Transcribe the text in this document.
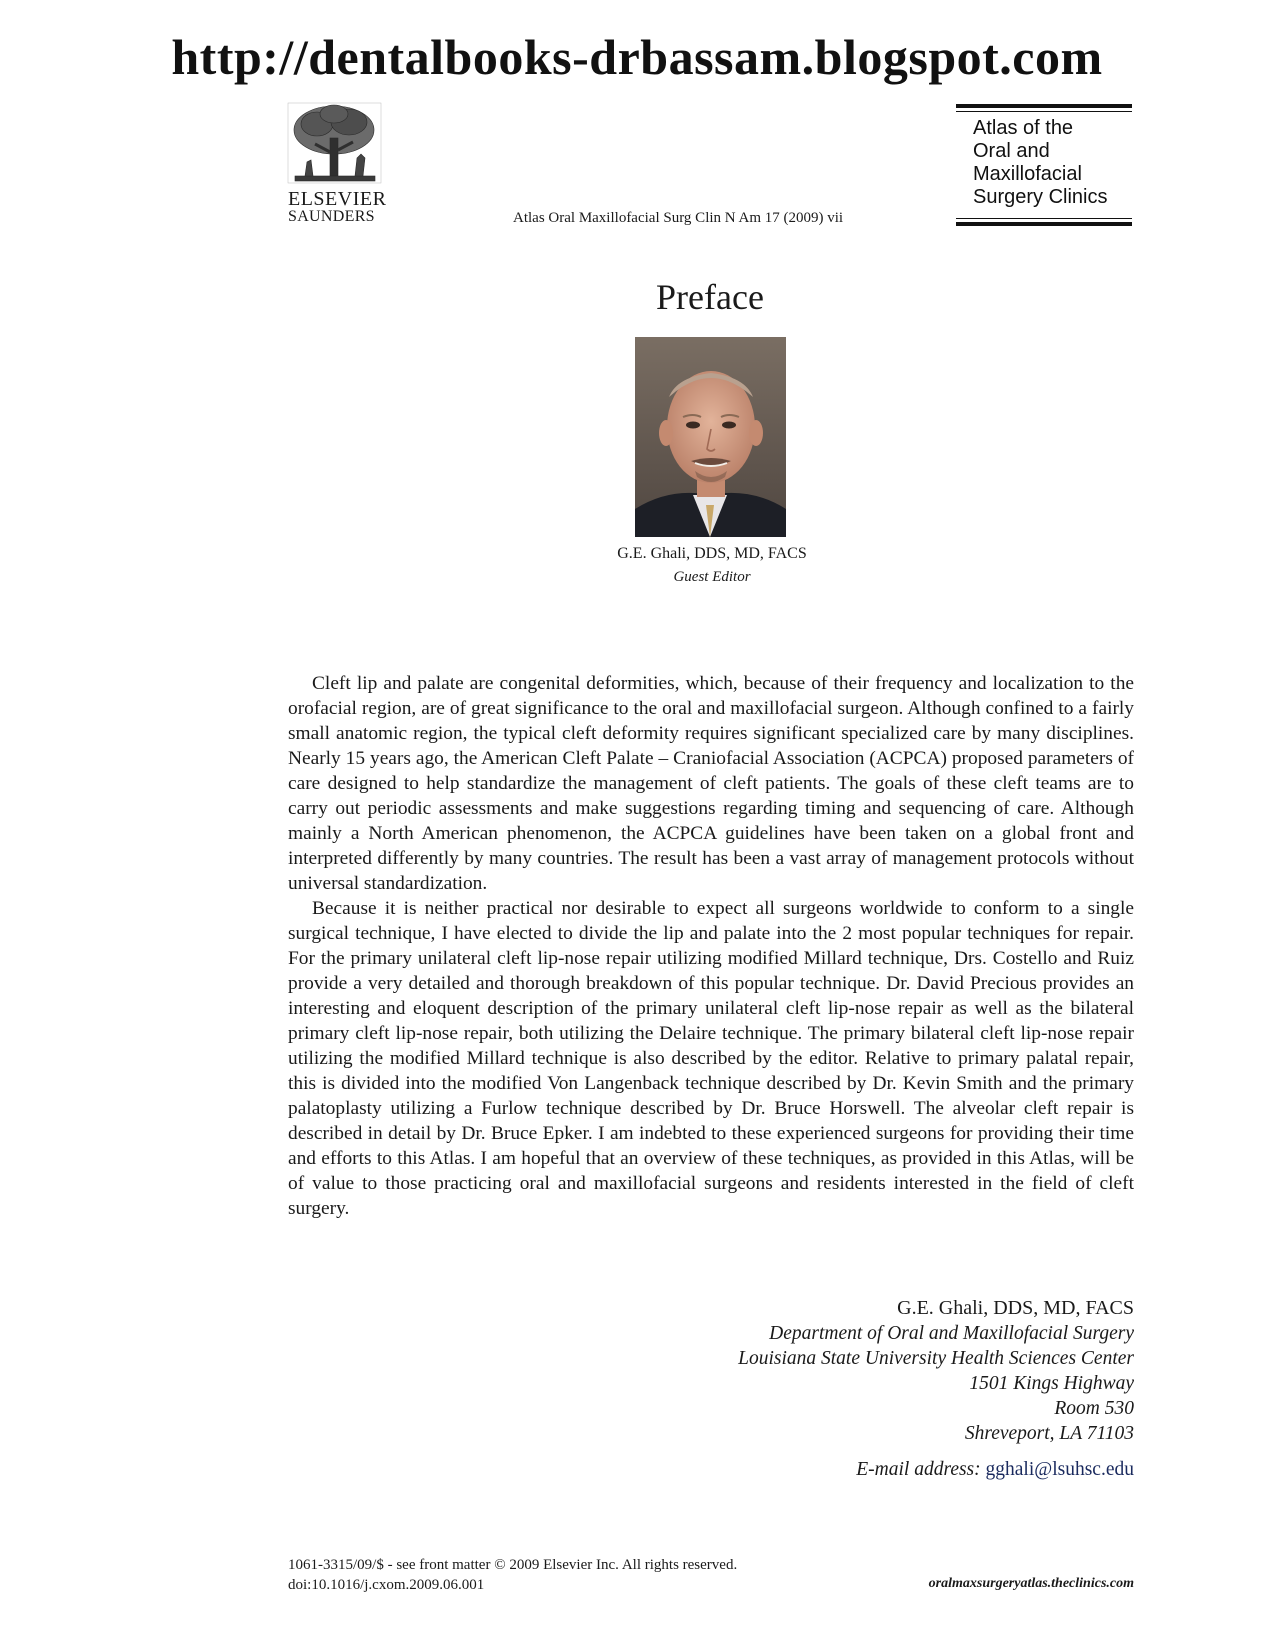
http://dentalbooks-drbassam.blogspot.com
ELSEVIER
SAUNDERS	Atlas Oral Maxillofacial Surg Clin N Am 17 (2009) vii
Atlas of the
Oral and
Maxillofacial
Surgery Clinics
Preface
G.E. Ghali, DDS, MD, FACS
Guest Editor

Cleft lip and palate are congenital deformities, which, because of their frequency and localization to the orofacial region, are of great significance to the oral and maxillofacial surgeon. Although confined to a fairly small anatomic region, the typical cleft deformity requires significant specialized care by many disciplines. Nearly 15 years ago, the American Cleft Palate – Craniofacial Association (ACPCA) proposed parameters of care designed to help standardize the management of cleft patients. The goals of these cleft teams are to carry out periodic assessments and make suggestions regarding timing and sequencing of care. Although mainly a North American phenomenon, the ACPCA guidelines have been taken on a global front and interpreted differently by many countries. The result has been a vast array of management protocols without universal standardization.

Because it is neither practical nor desirable to expect all surgeons worldwide to conform to a single surgical technique, I have elected to divide the lip and palate into the 2 most popular techniques for repair. For the primary unilateral cleft lip-nose repair utilizing modified Millard technique, Drs. Costello and Ruiz provide a very detailed and thorough breakdown of this popular technique. Dr. David Precious provides an interesting and eloquent description of the primary unilateral cleft lip-nose repair as well as the bilateral primary cleft lip-nose repair, both utilizing the Delaire technique. The primary bilateral cleft lip-nose repair utilizing the modified Millard technique is also described by the editor. Relative to primary palatal repair, this is divided into the modified Von Langenback technique described by Dr. Kevin Smith and the primary palatoplasty utilizing a Furlow technique described by Dr. Bruce Horswell. The alveolar cleft repair is described in detail by Dr. Bruce Epker. I am indebted to these experienced surgeons for providing their time and efforts to this Atlas. I am hopeful that an overview of these techniques, as provided in this Atlas, will be of value to those practicing oral and maxillofacial surgeons and residents interested in the field of cleft surgery.

G.E. Ghali, DDS, MD, FACS
Department of Oral and Maxillofacial Surgery
Louisiana State University Health Sciences Center
1501 Kings Highway
Room 530
Shreveport, LA 71103
E-mail address: gghali@lsuhsc.edu
1061-3315/09/$ - see front matter © 2009 Elsevier Inc. All rights reserved.
doi:10.1016/j.cxom.2009.06.001	oralmaxsurgeryatlas.theclinics.com
